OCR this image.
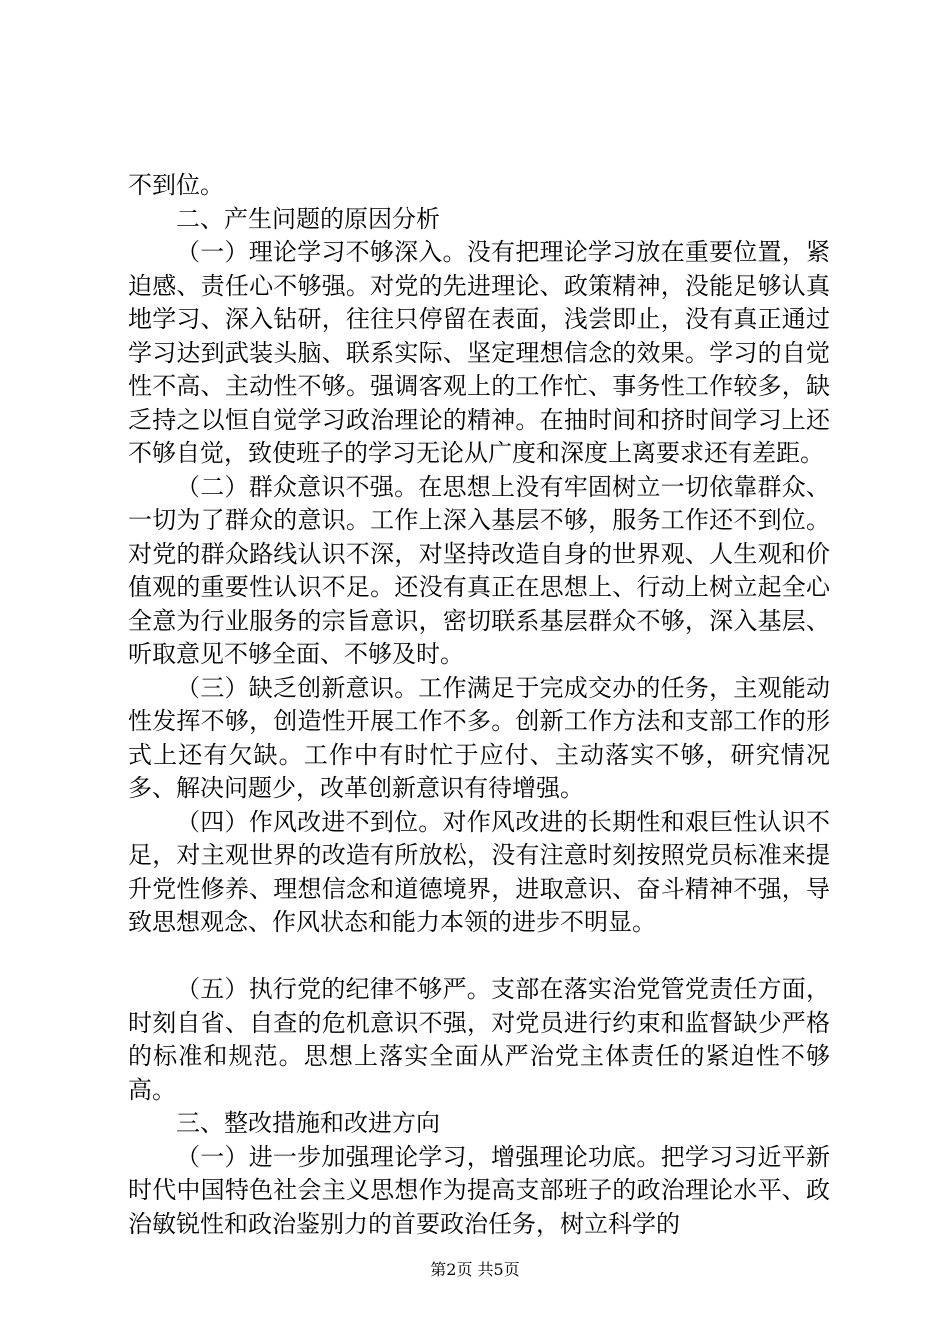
不到位。

二、产生问题的原因分析

（一）理论学习不够深入。没有把理论学习放在重要位置，紧迫感、责任心不够强。对党的先进理论、政策精神，没能足够认真地学习、深入钻研，往往只停留在表面，浅尝即止，没有真正通过学习达到武装头脑、联系实际、坚定理想信念的效果。学习的自觉性不高、主动性不够。强调客观上的工作忙、事务性工作较多，缺乏持之以恒自觉学习政治理论的精神。在抽时间和挤时间学习上还不够自觉，致使班子的学习无论从广度和深度上离要求还有差距。

（二）群众意识不强。在思想上没有牢固树立一切依靠群众、一切为了群众的意识。工作上深入基层不够，服务工作还不到位。对党的群众路线认识不深，对坚持改造自身的世界观、人生观和价值观的重要性认识不足。还没有真正在思想上、行动上树立起全心全意为行业服务的宗旨意识，密切联系基层群众不够，深入基层、听取意见不够全面、不够及时。

（三）缺乏创新意识。工作满足于完成交办的任务，主观能动性发挥不够，创造性开展工作不多。创新工作方法和支部工作的形式上还有欠缺。工作中有时忙于应付、主动落实不够，研究情况多、解决问题少，改革创新意识有待增强。

（四）作风改进不到位。对作风改进的长期性和艰巨性认识不足，对主观世界的改造有所放松，没有注意时刻按照党员标准来提升党性修养、理想信念和道德境界，进取意识、奋斗精神不强，导致思想观念、作风状态和能力本领的进步不明显。

（五）执行党的纪律不够严。支部在落实治党管党责任方面，时刻自省、自查的危机意识不强，对党员进行约束和监督缺少严格的标准和规范。思想上落实全面从严治党主体责任的紧迫性不够高。

三、整改措施和改进方向

（一）进一步加强理论学习，增强理论功底。把学习习近平新时代中国特色社会主义思想作为提高支部班子的政治理论水平、政治敏锐性和政治鉴别力的首要政治任务，树立科学的

第2页 共5页
